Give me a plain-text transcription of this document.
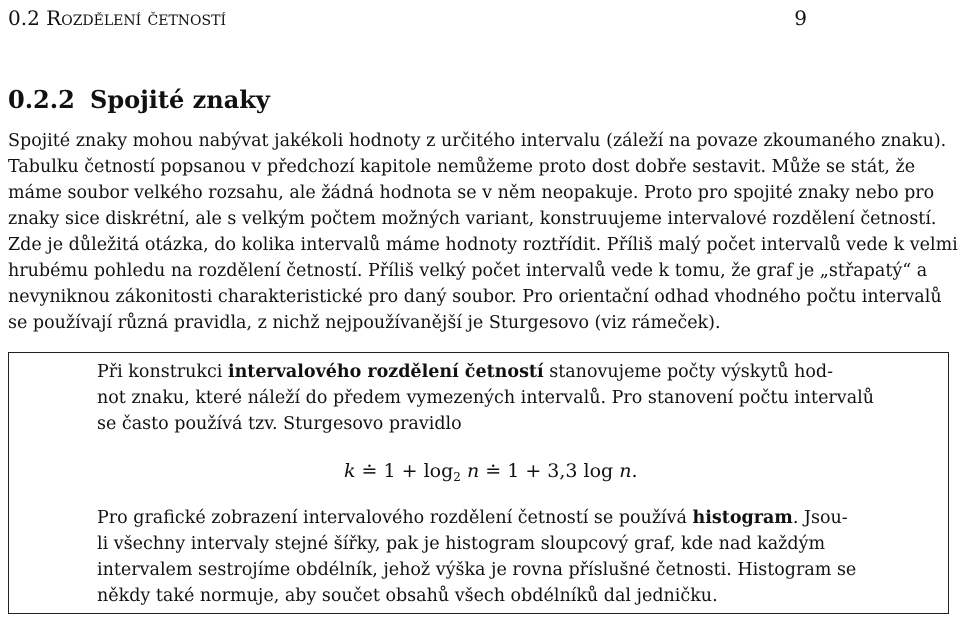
0.2 Rozdělení četností	9
0.2.2 Spojité znaky
Spojité znaky mohou nabývat jakékoli hodnoty z určitého intervalu (záleží na povaze zkoumaného znaku).
Tabulku četností popsanou v předchozí kapitole nemůžeme proto dost dobře sestavit. Může se stát, že
máme soubor velkého rozsahu, ale žádná hodnota se v něm neopakuje. Proto pro spojité znaky nebo pro
znaky sice diskrétní, ale s velkým počtem možných variant, konstruujeme intervalové rozdělení četností.
Zde je důležitá otázka, do kolika intervalů máme hodnoty roztřídit. Příliš malý počet intervalů vede k velmi
hrubému pohledu na rozdělení četností. Příliš velký počet intervalů vede k tomu, že graf je „střapatý“ a
nevyniknou zákonitosti charakteristické pro daný soubor. Pro orientační odhad vhodného počtu intervalů
se používají různá pravidla, z nichž nejpoužívanější je Sturgesovo (viz rámeček).
Při konstrukci intervalového rozdělení četností stanovujeme počty výskytů hod-
not znaku, které náleží do předem vymezených intervalů. Pro stanovení počtu intervalů
se často používá tzv. Sturgesovo pravidlo
k ≐ $1 + \log_2 n$ ≐ 1 + 3,3 log n.
Pro grafické zobrazení intervalového rozdělení četností se používá histogram. Jsou-
li všechny intervaly stejné šířky, pak je histogram sloupcový graf, kde nad každým
intervalem sestrojíme obdélník, jehož výška je rovna příslušné četnosti. Histogram se
někdy také normuje, aby součet obsahů všech obdélníků dal jedničku.
